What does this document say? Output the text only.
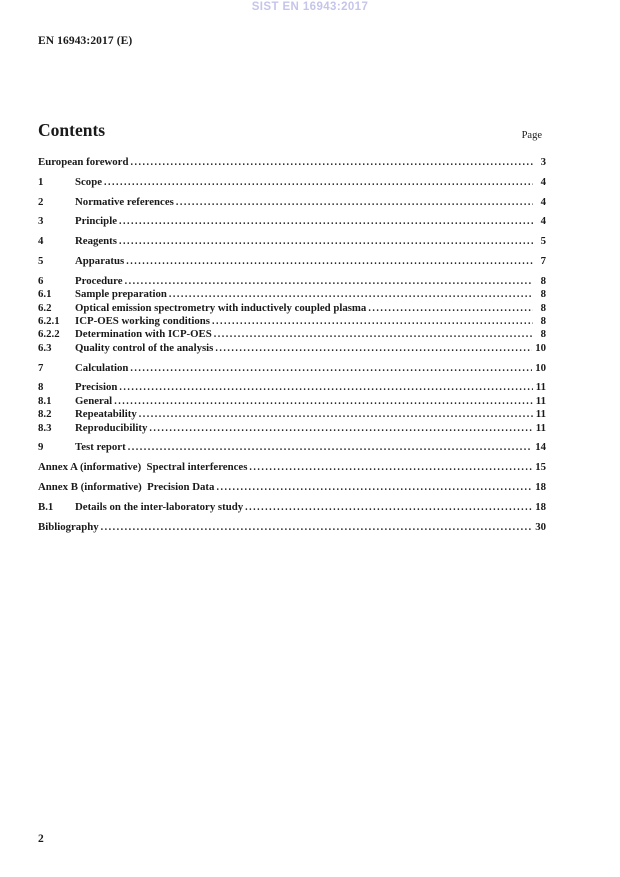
SIST EN 16943:2017
EN 16943:2017 (E)
Contents	Page
European foreword .....	3
1	Scope .....	4
2	Normative references .....	4
3	Principle .....	4
4	Reagents .....	5
5	Apparatus .....	7
6	Procedure .....	8
6.1	Sample preparation .....	8
6.2	Optical emission spectrometry with inductively coupled plasma .....	8
6.2.1	ICP-OES working conditions .....	8
6.2.2	Determination with ICP-OES .....	8
6.3	Quality control of the analysis .....	10
7	Calculation .....	10
8	Precision .....	11
8.1	General .....	11
8.2	Repeatability .....	11
8.3	Reproducibility .....	11
9	Test report .....	14
Annex A (informative)  Spectral interferences .....	15
Annex B (informative)  Precision Data .....	18
B.1	Details on the inter-laboratory study .....	18
Bibliography .....	30
2
